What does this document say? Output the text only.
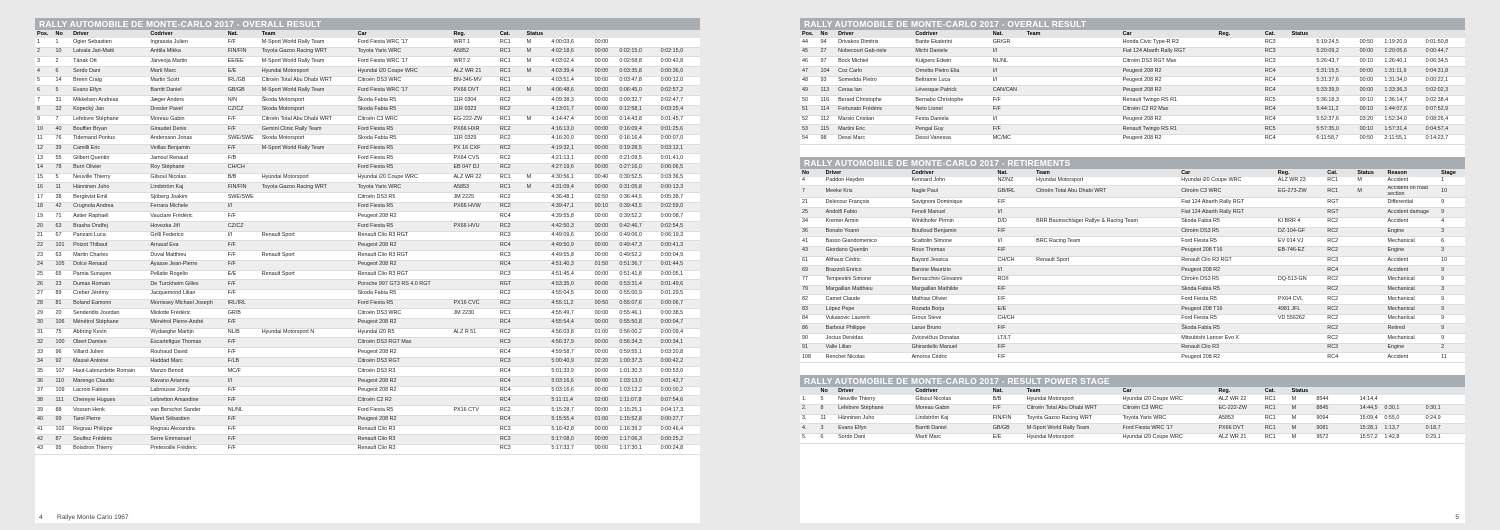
RALLY AUTOMOBILE DE MONTE-CARLO 2017 - OVERALL RESULT
Pos.	No	Driver	Codriver	Nat.	Team	Car	Reg.	Cat.	Status				
1	1	Ogier Sebastien	Ingrassia Julien	F/F	M-Sport World Rally Team	Ford Fiesta WRC '17	WRT 1	RC1	M	4:00:03,6	00:00		
2	10	Latvala Jari-Matti	Anttila Mikka	FIN/FIN	Toyota Gazoo Racing WRT	Toyota Yaris WRC	A5852	RC1	M	4:02:18,6	00:00	0:02:15,0	0:02:15,0
3	2	Tänak Ott	Järveoja Martin	EE/EE	M-Sport World Rally Team	Ford Fiesta WRC '17	WRT 2	RC1	M	4:03:02,4	00:00	0:02:58,8	0:00:42,8
4	6	Sordo Dani	Martí Marc	E/E	Hyundai Motorsport	Hyundai i20 Coupe WRC	ALZ WR 21	RC1	M	4:03:39,4	00:00	0:03:35,8	0:00:36,0
5	14	Breen Craig	Martin Scott	IRL/GB	Citroën Total Abu Dhabi WRT	Citroën DS3 WRC	BN-346-MV	RC1		4:03:51,4	00:00	0:03:47,8	0:00:12,0
6	5	Evans Elfyn	Barritt Daniel	GB/GB	M-Sport World Rally Team	Ford Fiesta WRC '17	PX66 DVT	RC1	M	4:06:48,6	00:00	0:06:45,0	0:02:57,2
7	31	Mikkelsen Andreas	Jæger Anders	N/N	Škoda Motorsport	Škoda Fabia R5	11R 0304	RC2		4:09:38,3	00:00	0:09:32,7	0:02:47,7
8	32	Kopecký Jan	Dresler Pavel	CZ/CZ	Škoda Motorsport	Škoda Fabia R5	11R 0323	RC2		4:13:01,7	00:00	0:12:58,1	0:03:25,4
9	7	Lefebvre Stéphane	Moreau Gabin	F/F	Citroën Total Abu Dhabi WRT	Citroën C3 WRC	EG-222-ZW	RC1	M	4:14:47,4	00:00	0:14:43,8	0:01:45,7
10	40	Bouffier Bryan	Giraudet Denis	F/F	Gemini Clinic Rally Team	Ford Fiesta R5	PX66 HXR	RC2		4:16:13,0	00:00	0:16:09,4	0:01:25,6
11	76	Tidemand Pontus	Andersson Jonas	SWE/SWE	Škoda Motorsport	Škoda Fabia R5	11R 0329	RC2		4:16:20,0	00:00	0:16:16,4	0:00:07,0
12	39	Camilli Eric	Veillas Benjamin	F/F	M-Sport World Rally Team	Ford Fiesta R5	PX 16 CXF	RC2		4:19:32,1	00:00	0:19:28,5	0:03:12,1
13	55	Gilbert Quentin	Jamoul Renaud	F/B		Ford Fiesta R5	PX64 CVS	RC2		4:21:13,1	00:00	0:21:09,5	0:01:41,0
14	78	Burri Olivier	Roy Stéphane	CH/CH		Ford Fiesta R5	EB 047 DJ	RC2		4:27:19,6	00:00	0:27:16,0	0:06:06,5
15	5	Neuville Thierry	Gilsoul Nicolas	B/B	Hyundai Motorsport	Hyundai i20 Coupe WRC	ALZ WR 22	RC1	M	4:30:56,1	00:40	0:30:52,5	0:03:36,5
16	11	Hänninen Juho	Lindström Kaj	FIN/FIN	Toyota Gazoo Racing WRT	Toyota Yaris WRC	A5853	RC1	M	4:31:09,4	00:00	0:31:05,8	0:00:13,3
17	38	Bergkvist Emil	Sjöberg Joakim	SWE/SWE		Citroën DS3 R5	JM 2225	RC2		4:36:48,1	02:50	0:36:44,5	0:05:38,7
18	42	Crugnola Andrea	Ferrara Michele	I/I		Ford Fiesta R5	PX66 HVW	RC2		4:39:47,1	00:10	0:39:43,5	0:02:59,0
19	71	Astier Raphaël	Vauclare Frédéric	F/F		Peugeot 208 R2		RC4		4:39:55,8	00:00	0:39:52,2	0:00:08,7
20	63	Brasha Ondřej	Hovezka Jiří	CZ/CZ		Ford Fiesta R5	PX66 HVU	RC2		4:42:50,3	00:00	0:42:46,7	0:02:54,5
21	67	Panzani Luca	Grilli Federico	I/I	Renault Sport	Renault Clio R3 RGT		RC3		4:49:09,6	00:00	0:49:06,0	0:06:19,3
22	101	Poizot Thibaut	Arnaud Eva	F/F		Peugeot 208 R2		RC4		4:49:50,9	00:00	0:49:47,3	0:00:41,3
23	63	Martin Charles	Duval Matthieu	F/F	Renault Sport	Renault Clio R3 RGT		RC3		4:49:55,8	00:00	0:49:52,2	0:00:04,9
24	105	Dolce Renaud	Ayasse Jean-Pierre	F/F		Peugeot 208 R2		RC4		4:51:40,3	01:50	0:51:36,7	0:01:44,5
25	65	Parnia Sunayen	Pellatie Rogelio	E/E	Renault Sport	Renault Clio R3 RGT		RC3		4:51:45,4	00:00	0:51:41,8	0:00:05,1
26	23	Dumas Romain	De Turckheim Gilles	F/F		Porsche 997 GT3 RS 4.0 RGT		RGT		4:53:35,0	00:00	0:53:31,4	0:01:49,6
27	89	Creber Jérémy	Jacquemond Lilian	F/F		Škoda Fabia R5		RC2		4:55:04,5	00:00	0:55:00,9	0:01:29,5
28	81	Boland Eamonn	Morrissey Michael Joseph	IRL/IRL		Ford Fiesta R5	PX16 CVC	RC2		4:55:11,2	00:50	0:55:07,6	0:00:06,7
29	20	Senderidis Jourdan	Miolotte Frédéric	GR/B		Citroën DS3 WRC	JM 2230	RC1		4:55:49,7	00:00	0:55:46,1	0:00:38,5
30	106	Ménétrol Stéphane	Ménétrol Pierre-André	F/F		Peugeot 208 R2		RC4		4:55:54,4	00:00	0:55:50,8	0:00:04,7
31	75	Abbring Kevin	Wydaeghe Martijn	NL/B	Hyundai Motorsport N	Hyundai i20 R5	ALZ R 51	RC2		4:56:03,8	01:00	0:56:00,2	0:00:09,4
32	100	Obert Damien	Escartefigue Thomas	F/F		Citroën DS3 RGT Max		RC3		4:56:37,9	00:00	0:56:34,3	0:00:34,1
33	96	Villard Julien	Rouhaud David	F/F		Peugeot 208 R2		RC4		4:59:58,7	00:00	0:59:55,1	0:03:20,8
34	92	Massé Antoine	Haddad Marc	F/LB		Citroën DS3 RGT		RC3		5:00:40,9	02:20	1:00:37,3	0:00:42,2
35	107	Haut-Labourdette Romain	Manzo Benoit	MC/F		Citroën DS3 R3		RC4		5:01:33,9	00:00	1:01:30,3	0:00:53,0
36	110	Marengo Claudio	Ravano Arianna	I/I		Peugeot 208 R2		RC4		5:03:16,6	00:00	1:03:13,0	0:01:42,7
37	109	Lacroix Fabien	Labrousse Jordy	F/F		Peugeot 208 R2		RC4		5:03:16,6	00:00	1:03:13,2	0:00:00,2
38	111	Chereyre Hugues	Lebretton Amandine	F/F		Citroën C2 R2		RC4		5:11:11,4	02:00	1:11:07,8	0:07:54,6
39	88	Vossen Henk	van Berschot Sander	NL/NL		Ford Fiesta R5	PX16 CTV	RC2		5:15:28,7	00:00	1:15:25,1	0:04:17,3
40	99	Tarol Pierre	Maret Sébastien	F/F		Peugeot 208 R2		RC4		5:15:55,4	01:00	1:15:52,8	0:00:27,7
41	102	Regnau Philippe	Regnau Alexandra	F/F		Renault Clio R3		RC3		5:16:42,8	00:00	1:16:39,2	0:00:46,4
42	87	Soulfez Frédéric	Serre Emmanuel	F/F		Renault Clio R3		RC3		5:17:08,0	00:00	1:17:06,3	0:00:25,2
43	95	Boisdron Thierry	Pretesoille Frédéric	F/F		Renault Clio R3		RC3		5:17:33,7	00:00	1:17:30,1	0:00:24,8
4 Rallye Monte Carlo 1967
RALLY AUTOMOBILE DE MONTE-CARLO 2017 - OVERALL RESULT
Pos.	No	Driver	Codriver	Nat.	Team	Car	Reg.	Cat.	Status				
44	94	Drivakos Dimitris	Bante Ekaterini	GR/GR		Honda Civic Type-R R3		RC3		5:19:24,5	00:50	1:19:20,9	0:01:50,8
45	27	Nobecourt Gab-riele	Michi Daniele	I/I		Fiat 124 Abarth Rally RGT		RC3		5:20:09,2	00:00	1:20:05,6	0:00:44,7
46	97	Bock Michiel	Kuijpers Edwin	NL/NL		Citroën DS3 RGT Max		RC3		5:26:43,7	00:10	1:26:40,1	0:06:34,5
47	104	Coz Carlo	Ornetto Pietro Elia	I/I		Peugeot 208 R2		RC4		5:31:15,5	00:00	1:31:11,9	0:04:31,8
48	93	Somedda Pietro	Beltrame Luca	I/I		Peugeot 208 R2		RC4		5:31:37,6	00:00	1:31:34,0	0:00:22,1
49	113	Ceraa Ian	Lévesque Patrick	CAN/CAN		Peugeot 208 R2		RC4		5:33:39,9	00:00	1:33:36,3	0:02:02,3
50	116	Berard Christophe	Bernabo Christophe	F/F		Renault Twingo RS R1		RC5		5:36:18,3	00:10	1:36:14,7	0:02:38,4
51	114	Fortunato Frédéric	Neto Lionel	F/F		Citroën C2 R2 Max		RC4		5:44:11,2	00:10	1:44:07,6	0:07:52,9
52	112	Marsio Cristian	Festa Daniela	I/I		Peugeot 208 R2		RC4		5:52:37,6	03:20	1:52:34,0	0:08:26,4
53	115	Martini Eric	Pengal Guy	F/F		Renault Twingo RS R1		RC5		5:57:35,0	00:10	1:57:31,4	0:04:57,4
54	98	Dessi Marc	Dessi Vanessa	MC/MC		Peugeot 208 R2		RC4		6:11:58,7	00:50	2:11:55,1	0:14:23,7
RALLY AUTOMOBILE DE MONTE-CARLO 2017 - RETIREMENTS
No	Driver	Codriver	Nat.	Team	Car	Reg.	Cat.	Status	Reason	Stage
4	Paddon Hayden	Kennard John	NZ/NZ	Hyundai Motorsport	Hyundai i20 Coupe WRC	ALZ WR 23	RC1	M	Accident	1
7	Meeke Kris	Nagle Paul	GB/IRL	Citroën Total Abu Dhabi WRT	Citroën C3 WRC	EG-273-ZW	RC1	M	Accident on road section	10
21	Delecour François	Savignoni Dominique	F/F		Fiat 124 Abarth Rally RGT		RGT		Differential	9
25	Andolfi Fabio	Fenoli Manuel	I/I		Fiat 124 Abarth Rally RGT		RGT		Accident damage	9
34	Kremer Armin	Winklhofer Pirmin	D/D	BRR Baumschlager Rallye & Racing Team	Škoda Fabia R5	KI BRR 4	RC2		Accident	4
36	Bonato Yoann	Boulloud Benjamin	F/F		Citroën DS3 R5	DZ-104-GF	RC2		Engine	3
41	Basso Giandomenico	Scattolin Simone	I/I	BRC Racing Team	Ford Fiesta R5	EV 014 VJ	RC2		Mechanical	6
43	Giordano Quentin	Roux Thomas	F/F		Peugeot 208 T16	EB-746-EZ	RC2		Engine	3
61	Althaus Cédric	Bayard Jessica	CH/CH	Renault Sport	Renault Clio R3 RGT		RC3		Accident	10
69	Brazzoli Enrico	Barone Maurizio	I/I		Peugeot 208 R2		RC4		Accident	9
77	Tempestini Simone	Bernacchini Giovanni	RO/I		Citroën DS3 R5	DQ-513-GN	RC2		Mechanical	9
79	Margaillan Matthieu	Margaillan Mathilde	F/F		Škoda Fabia R5		RC2		Mechanical	3
82	Camet Claude	Mathias Olivier	F/F		Ford Fiesta R5	PX64 CVL	RC2		Mechanical	9
83	López Pepe	Rozada Borja	E/E		Peugeot 208 T16	4981 JFL	RC2		Mechanical	9
84	Vukasovic Laurent	Groux Steve	CH/CH		Ford Fiesta R5	VD 556262	RC2		Mechanical	9
86	Barbour Philippe	Larue Bruno	F/F		Škoda Fabia R5		RC2		Retired	9
90	Jocius Deividas	Zvicevičius Donatas	LT/LT		Mitsubishi Lancer Evo X		RC2		Mechanical	9
91	Valle Lilian	Ghirardello Manuel	F/F		Renault Clio R3		RC3		Engine	2
108	Renchet Nicolas	Amoros Cédric	F/F		Peugeot 208 R2		RC4		Accident	11
RALLY AUTOMOBILE DE MONTE-CARLO 2017 - RESULT POWER STAGE
	No	Driver	Codriver	Nat.	Team	Car	Reg.	Cat.	Status				
1.	5	Neuville Thierry	Gilsoul Nicolas	B/B	Hyundai Motorsport	Hyundai i20 Coupe WRC	ALZ WR 22	RC1	M	8544	14:14,4		
2.	8	Lefebvre Stéphane	Moreau Gabin	F/F	Citroën Total Abu Dhabi WRT	Citroën C3 WRC	EC-222-ZW	RC1	M	8845	14:44,5	0:30,1	0:30,1
3.	11	Hänninen Juho	Lindström Kaj	FIN/FIN	Toyota Gazoo Racing WRT	Toyota Yaris WRC	A5853	RC1	M	9094	15:09,4	0:55,0	0:24,9
4.	3	Evans Elfyn	Barritt Daniel	GB/GB	M-Sport World Rally Team	Ford Fiesta WRC '17	PX66 DVT	RC1	M	9081	15:28,1	1:13,7	0:18,7
5.	6	Sordo Dani	Martí Marc	E/E	Hyundai Motorsport	Hyundai i20 Coupe WRC	ALZ WR 21	RC1	M	9572	15:57,2	1:42,8	0:29,1
5
